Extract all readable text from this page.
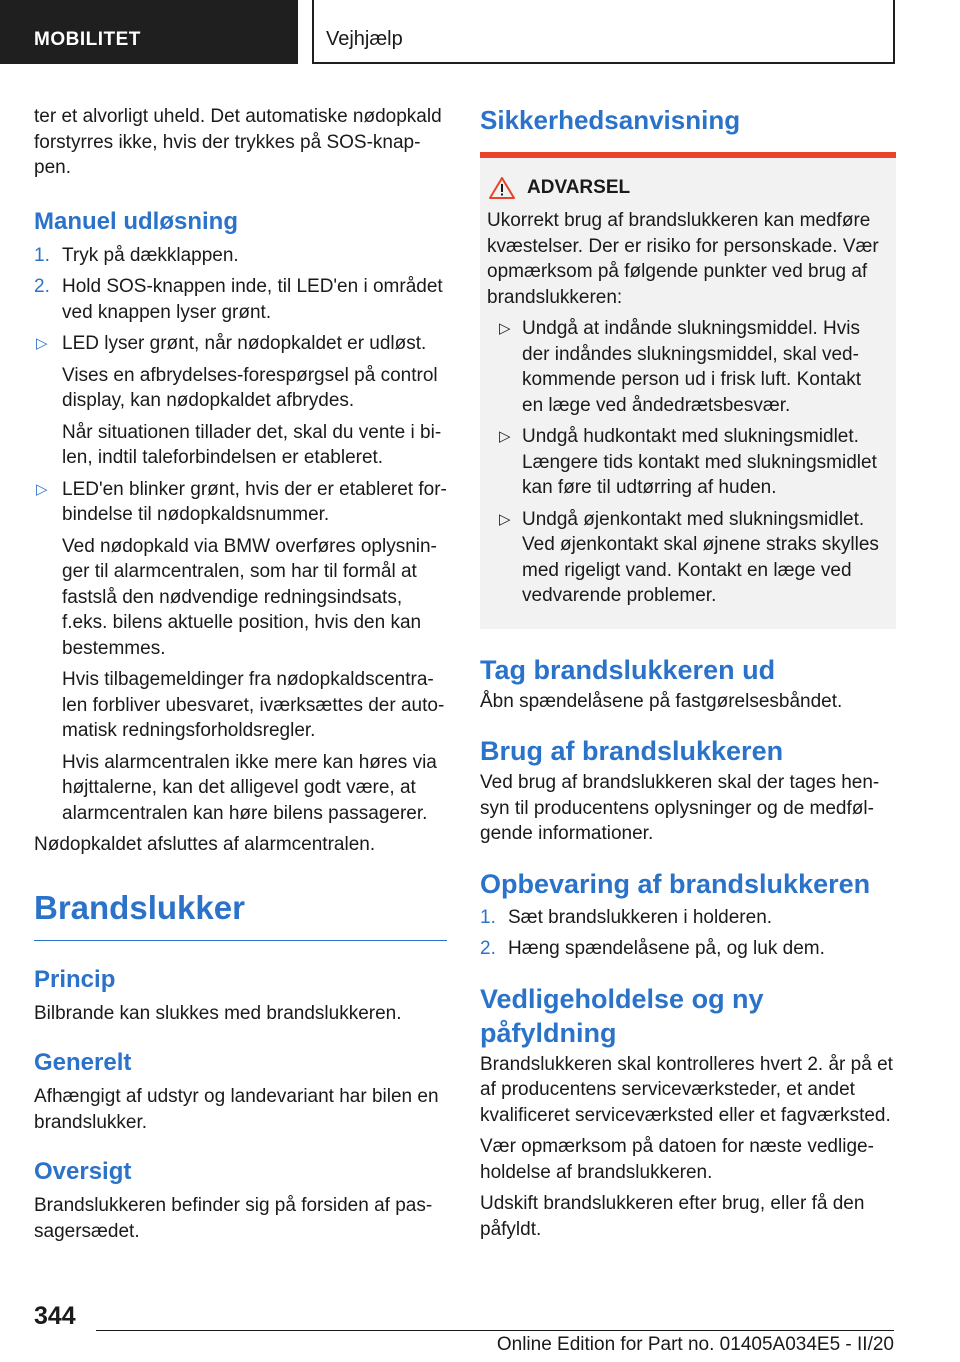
MOBILITET	Vejhjælp

ter et alvorligt uheld. Det automatiske nødopkald forstyrres ikke, hvis der trykkes på SOS-knap-pen.

Manuel udløsning
1. Tryk på dækklappen.
2. Hold SOS-knappen inde, til LED'en i området ved knappen lyser grønt.
▷ LED lyser grønt, når nødopkaldet er udløst.

Vises en afbrydelses-forespørgsel på control display, kan nødopkaldet afbrydes.

Når situationen tillader det, skal du vente i bi-len, indtil taleforbindelsen er etableret.

▷ LED'en blinker grønt, hvis der er etableret for-bindelse til nødopkaldsnummer.

Ved nødopkald via BMW overføres oplysnin-ger til alarmcentralen, som har til formål at fastslå den nødvendige redningsindsats, f.eks. bilens aktuelle position, hvis den kan bestemmes.

Hvis tilbagemeldinger fra nødopkaldscentra-len forbliver ubesvaret, iværksættes der auto-matisk redningsforholdsregler.

Hvis alarmcentralen ikke mere kan høres via højttalerne, kan det alligevel godt være, at alarmcentralen kan høre bilens passagerer.

Nødopkaldet afsluttes af alarmcentralen.

Brandslukker
Princip

Bilbrande kan slukkes med brandslukkeren.

Generelt

Afhængigt af udstyr og landevariant har bilen en brandslukker.

Oversigt

Brandslukkeren befinder sig på forsiden af pas-sagersædet.

Sikkerhedsanvisning
ADVARSEL

Ukorrekt brug af brandslukkeren kan medføre kvæstelser. Der er risiko for personskade. Vær opmærksom på følgende punkter ved brug af brandslukkeren:

▷ Undgå at indånde slukningsmiddel. Hvis der indåndes slukningsmiddel, skal ved-kommende person ud i frisk luft. Kontakt en læge ved åndedrætsbesvær.
▷ Undgå hudkontakt med slukningsmidlet. Længere tids kontakt med slukningsmidlet kan føre til udtørring af huden.
▷ Undgå øjenkontakt med slukningsmidlet. Ved øjenkontakt skal øjnene straks skylles med rigeligt vand. Kontakt en læge ved vedvarende problemer.
Tag brandslukkeren ud

Åbn spændelåsene på fastgørelsesbåndet.

Brug af brandslukkeren

Ved brug af brandslukkeren skal der tages hen-syn til producentens oplysninger og de medføl-gende informationer.

Opbevaring af brandslukkeren
1. Sæt brandslukkeren i holderen.
2. Hæng spændelåsene på, og luk dem.
Vedligeholdelse og ny påfyldning

Brandslukkeren skal kontrolleres hvert 2. år på et af producentens serviceværksteder, et andet kvalificeret serviceværksted eller et fagværksted.

Vær opmærksom på datoen for næste vedlige-holdelse af brandslukkeren.

Udskift brandslukkeren efter brug, eller få den påfyldt.

344
Online Edition for Part no. 01405A034E5 - II/20
